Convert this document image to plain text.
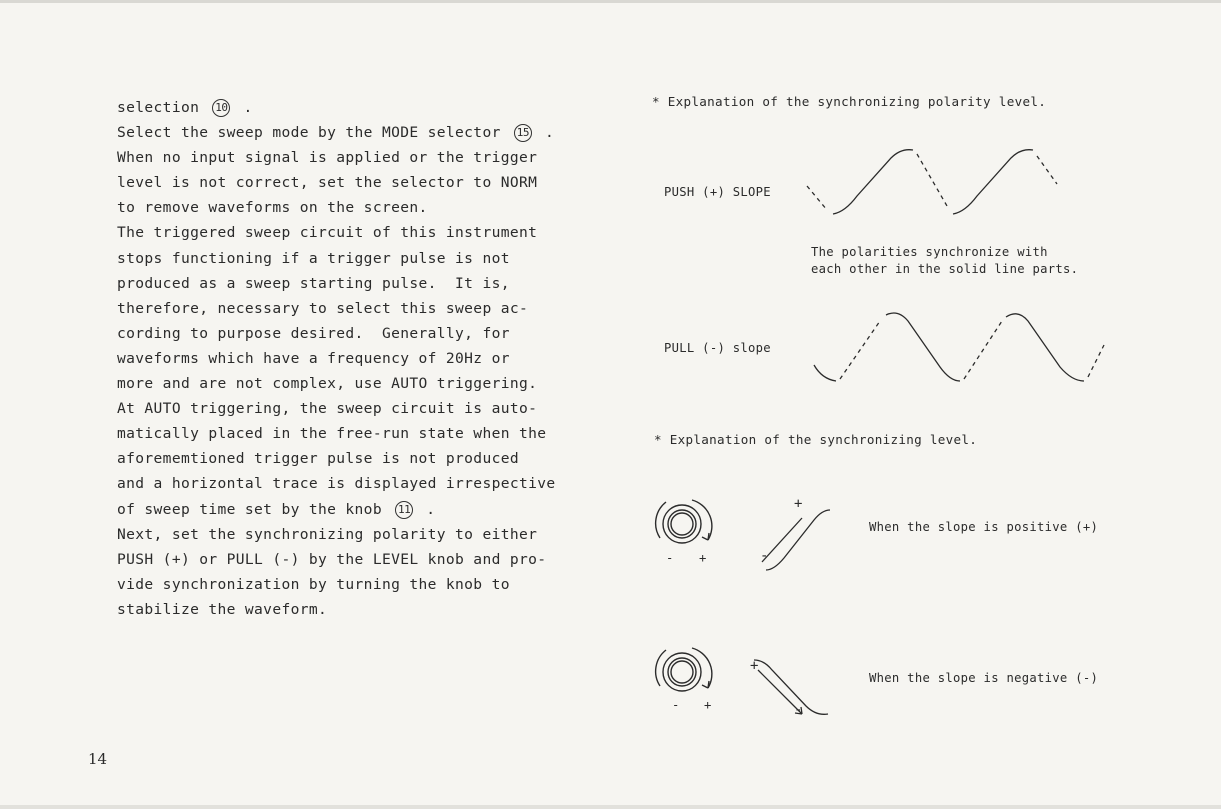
selection 10 .
Select the sweep mode by the MODE selector 15 .
When no input signal is applied or the trigger
level is not correct, set the selector to NORM
to remove waveforms on the screen.
The triggered sweep circuit of this instrument
stops functioning if a trigger pulse is not
produced as a sweep starting pulse.  It is,
therefore, necessary to select this sweep ac-
cording to purpose desired.  Generally, for
waveforms which have a frequency of 20Hz or
more and are not complex, use AUTO triggering.
At AUTO triggering, the sweep circuit is auto-
matically placed in the free-run state when the
aforememtioned trigger pulse is not produced
and a horizontal trace is displayed irrespective
of sweep time set by the knob 11 .
Next, set the synchronizing polarity to either
PUSH (+) or PULL (-) by the LEVEL knob and pro-
vide synchronization by turning the knob to
stabilize the waveform.
* Explanation of the synchronizing polarity level.
PUSH (+) SLOPE
The polarities synchronize with
each other in the solid line parts.
PULL (-) slope
* Explanation of the synchronizing level.
- +
+
-
When the slope is positive (+)
- +
+
-
When the slope is negative (-)
14
